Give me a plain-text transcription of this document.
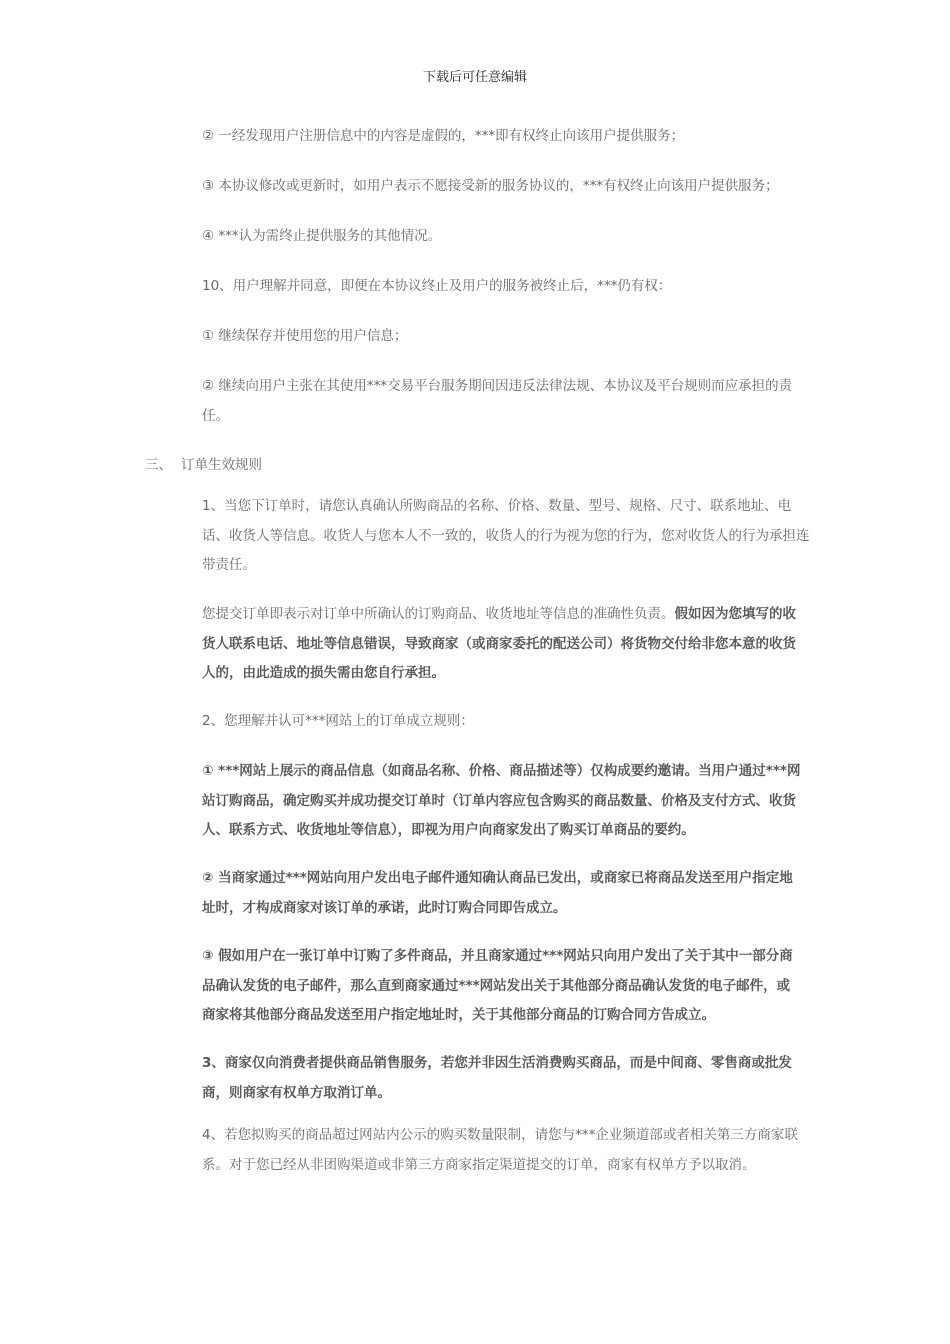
下载后可任意编辑

② 一经发现用户注册信息中的内容是虚假的，***即有权终止向该用户提供服务；

③ 本协议修改或更新时，如用户表示不愿接受新的服务协议的，***有权终止向该用户提供服务；

④ ***认为需终止提供服务的其他情况。

10、用户理解并同意，即便在本协议终止及用户的服务被终止后，***仍有权：

① 继续保存并使用您的用户信息；

② 继续向用户主张在其使用***交易平台服务期间因违反法律法规、本协议及平台规则而应承担的责任。

三、 订单生效规则

1、当您下订单时，请您认真确认所购商品的名称、价格、数量、型号、规格、尺寸、联系地址、电话、收货人等信息。收货人与您本人不一致的，收货人的行为视为您的行为，您对收货人的行为承担连带责任。

您提交订单即表示对订单中所确认的订购商品、收货地址等信息的准确性负责。假如因为您填写的收货人联系电话、地址等信息错误，导致商家（或商家委托的配送公司）将货物交付给非您本意的收货人的，由此造成的损失需由您自行承担。

2、您理解并认可***网站上的订单成立规则：

① ***网站上展示的商品信息（如商品名称、价格、商品描述等）仅构成要约邀请。当用户通过***网站订购商品，确定购买并成功提交订单时（订单内容应包含购买的商品数量、价格及支付方式、收货人、联系方式、收货地址等信息），即视为用户向商家发出了购买订单商品的要约。

② 当商家通过***网站向用户发出电子邮件通知确认商品已发出，或商家已将商品发送至用户指定地址时，才构成商家对该订单的承诺，此时订购合同即告成立。

③ 假如用户在一张订单中订购了多件商品，并且商家通过***网站只向用户发出了关于其中一部分商品确认发货的电子邮件，那么直到商家通过***网站发出关于其他部分商品确认发货的电子邮件，或商家将其他部分商品发送至用户指定地址时，关于其他部分商品的订购合同方告成立。

3、商家仅向消费者提供商品销售服务，若您并非因生活消费购买商品，而是中间商、零售商或批发商，则商家有权单方取消订单。

4、若您拟购买的商品超过网站内公示的购买数量限制，请您与***企业频道部或者相关第三方商家联系。对于您已经从非团购渠道或非第三方商家指定渠道提交的订单，商家有权单方予以取消。
